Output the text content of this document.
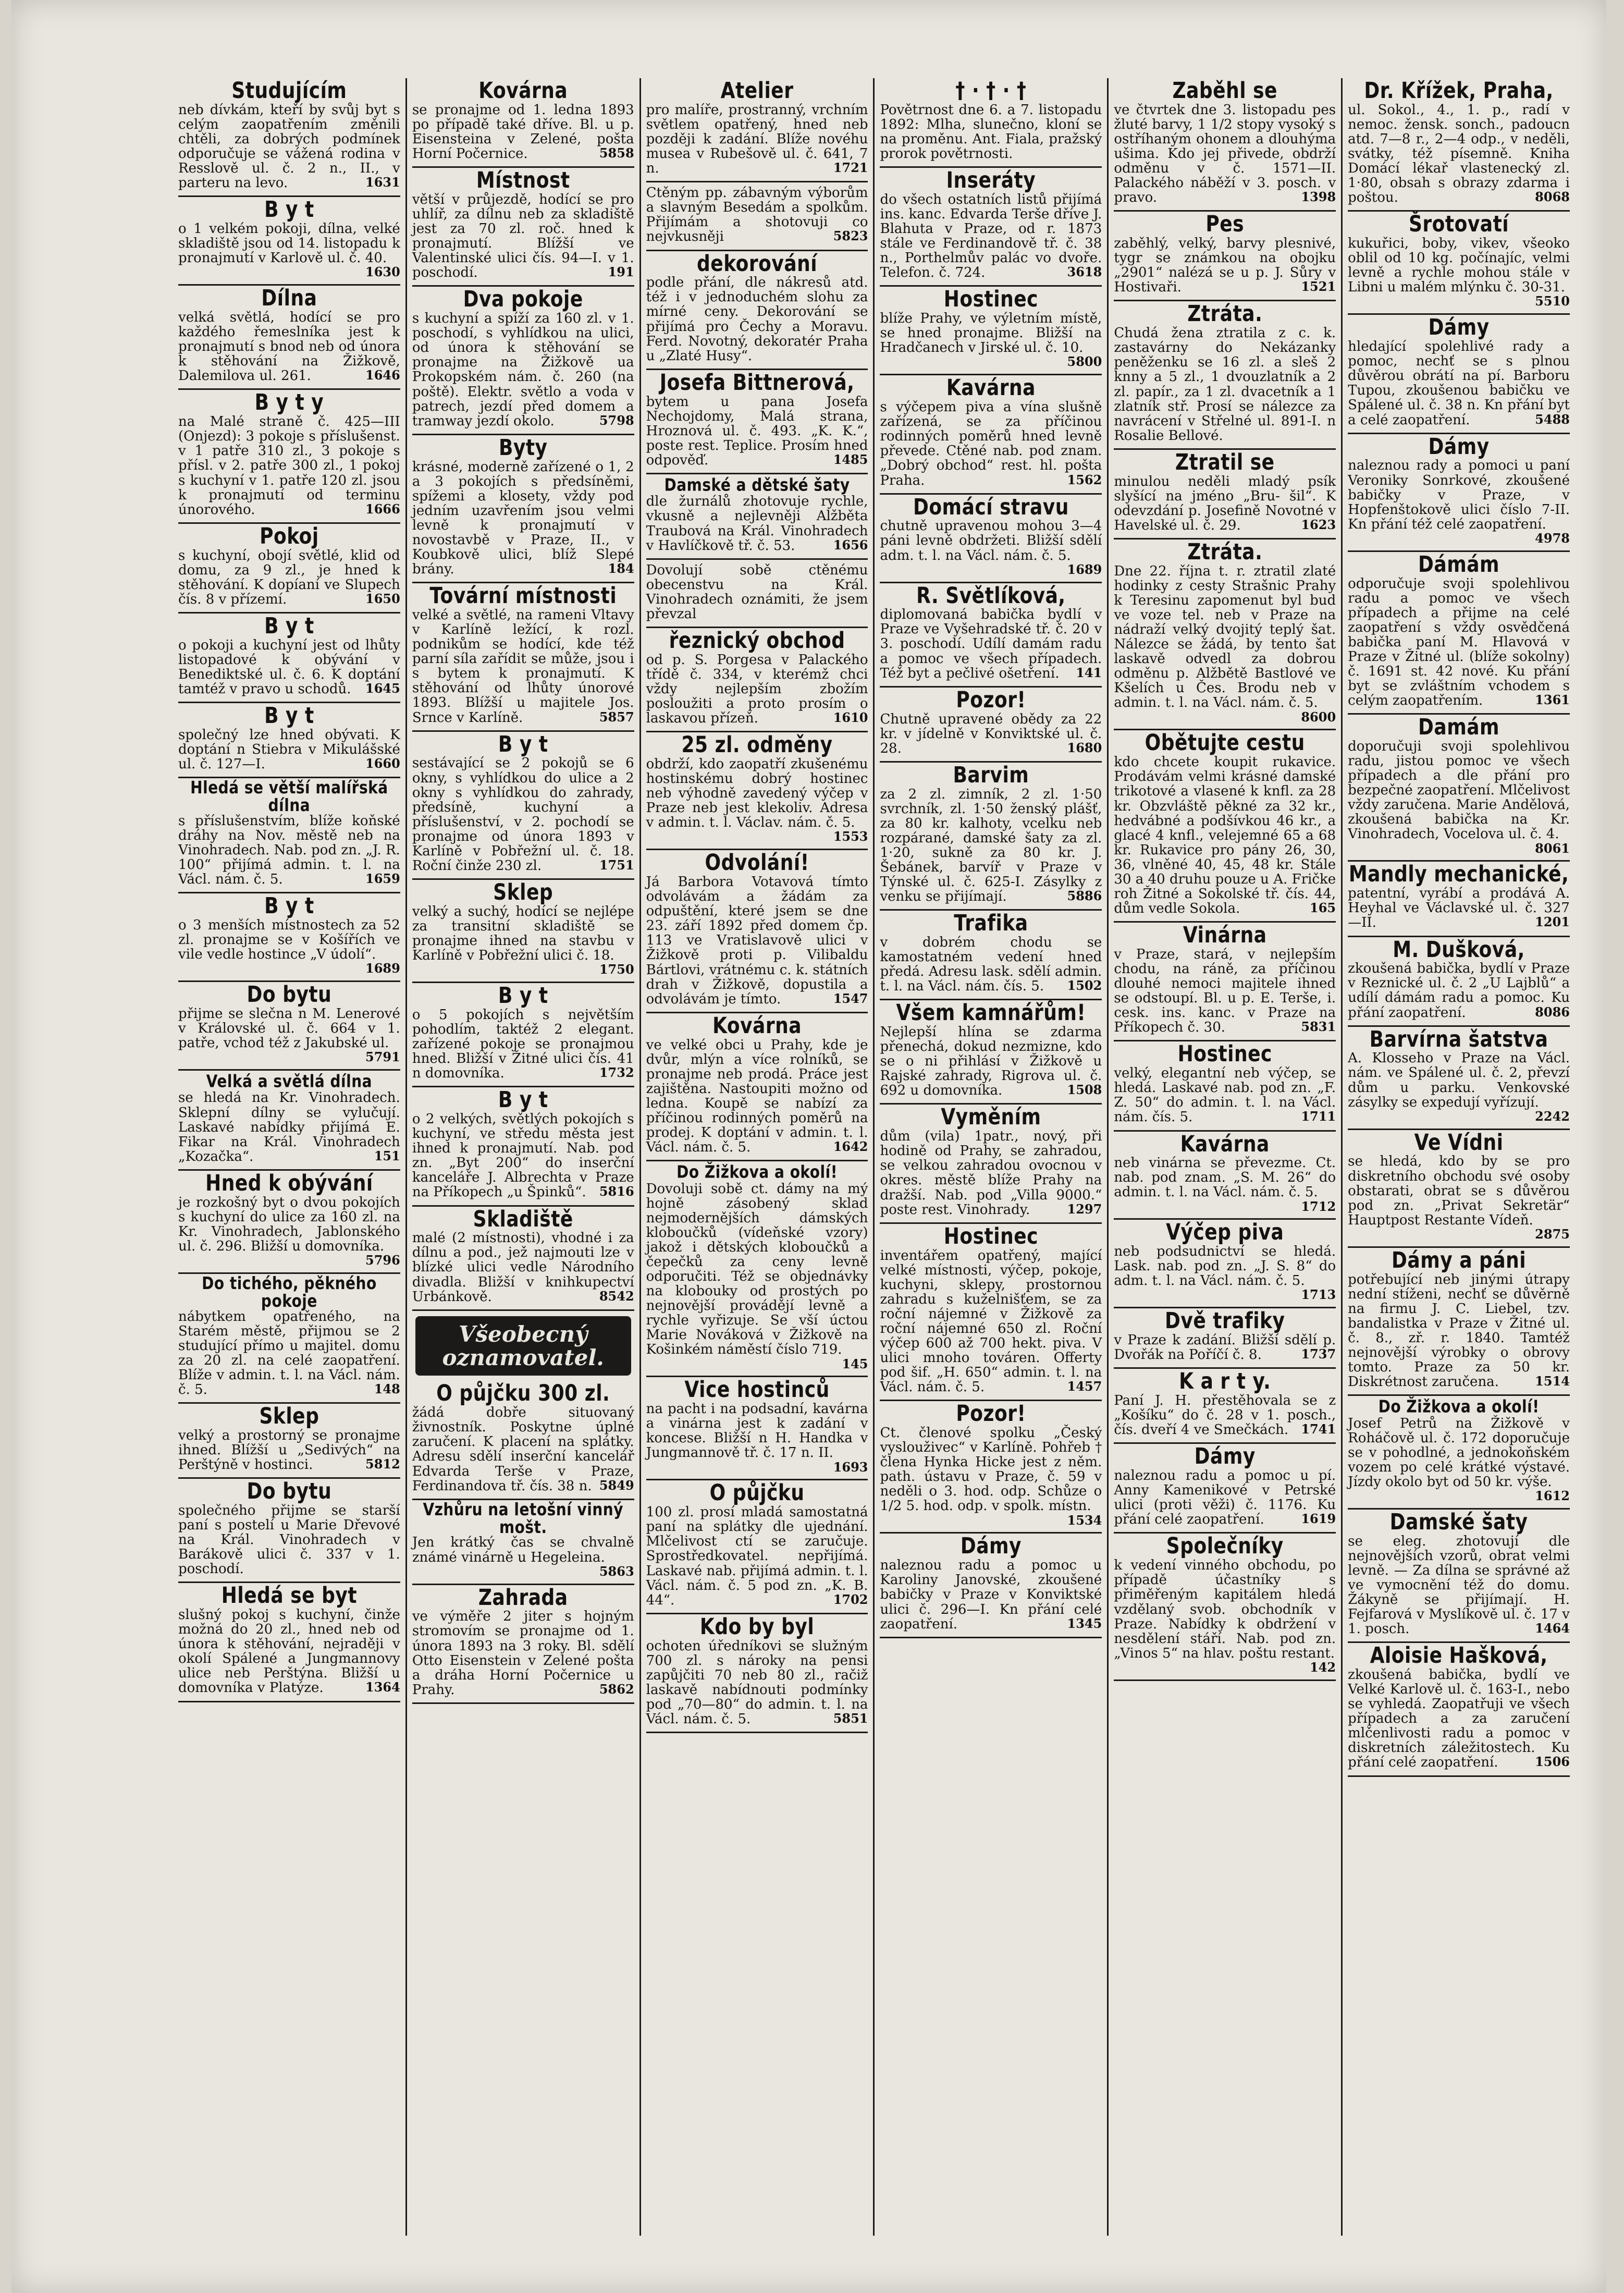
Studujícím

neb dívkám, kteří by svůj byt s celým zaopatřením změnili chtěli, za dobrých podmínek odporučuje se vážená rodina v Resslově ul. č. 2 n., II., v parteru na levo.	1631

B y t

o 1 velkém pokoji, dílna, velké skladiště jsou od 14. listopadu k pronajmutí v Karlově ul. č. 40.
1630

Dílna

velká světlá, hodící se pro každého řemeslníka jest k pronajmutí s bnod neb od února k stěhování na Žižkově, Dalemilova ul. 261.	1646

B y t y

na Malé straně č. 425—III (Onjezd): 3 pokoje s příslušenst. v 1 patře 310 zl., 3 pokoje s přísl. v 2. patře 300 zl., 1 pokoj s kuchyní v 1. patře 120 zl. jsou k pronajmutí od terminu únorového.	1666

Pokoj

s kuchyní, obojí světlé, klid od domu, za 9 zl., je hned k stěhování. K dopíaní ve Slupech čís. 8 v přízemí.	1650

B y t

o pokoji a kuchyní jest od lhůty listopadové k obývání v Benediktské ul. č. 6. K doptání tamtéž v pravo u schodů. 1645

B y t

společný lze hned obývati. K doptání n Stiebra v Mikulášské ul. č. 127—I.	1660

Hledá se větší malířská dílna

s příslušenstvím, blíže koňské dráhy na Nov. městě neb na Vinohradech. Nab. pod zn. „J. R. 100“ přijímá admin. t. l. na Václ. nám. č. 5.	1659

B y t

o 3 menších místnostech za 52 zl. pronajme se v Košířích ve vile vedle hostince „V údolí“.
1689

Do bytu

přijme se slečna n M. Lenerové v Královské ul. č. 664 v 1. patře, vchod též z Jakubské ul.
5791

Velká a světlá dílna

se hledá na Kr. Vinohradech. Sklepní dílny se vylučují. Laskavé nabídky přijímá E. Fikar na Král. Vinohradech „Kozačka“.	151

Hned k obývání

je rozkošný byt o dvou pokojích s kuchyní do ulice za 160 zl. na Kr. Vinohradech, Jablonského ul. č. 296. Bližší u domovníka.
5796

Do tichého, pěkného pokoje

nábytkem opatřeného, na Starém městě, přijmou se 2 studující přímo u majitel. domu za 20 zl. na celé zaopatření. Blíže v admin. t. l. na Václ. nám. č. 5.	148

Sklep

velký a prostorný se pronajme ihned. Blížší u „Sedivých“ na Perštýně v hostinci.	5812

Do bytu

společného přijme se starší paní s postelí u Marie Dřevové na Král. Vinohradech v Barákově ulici č. 337 v 1. poschodí.

Hledá se byt

slušný pokoj s kuchyní, činže možná do 20 zl., hned neb od února k stěhování, nejraději v okolí Spálené a Jungmannovy ulice neb Perštýna. Bližší u domovníka v Platýze.	1364

Kovárna

se pronajme od 1. ledna 1893 po případě také dříve. Bl. u p. Eisensteina v Zelené, pošta Horní Počernice.	5858

Místnost

větší v průjezdě, hodící se pro uhlíř, za dílnu neb za skladiště jest za 70 zl. roč. hned k pronajmutí. Blížší ve Valentinské ulici čís. 94—I. v 1. poschodí.	191

Dva pokoje

s kuchyní a spíží za 160 zl. v 1. poschodí, s vyhlídkou na ulici, od února k stěhování se pronajme na Žižkově ua Prokopském nám. č. 260 (na poště). Elektr. světlo a voda v patrech, jezdí před domem a tramway jezdí okolo.	5798

Byty

krásné, moderně zařízené o 1, 2 a 3 pokojích s předsíněmi, spížemi a klosety, vždy pod jedním uzavřením jsou velmi levně k pronajmutí v novostavbě v Praze, II., v Koubkově ulici, blíž Slepé brány.	184

Tovární místnosti

velké a světlé, na rameni Vltavy v Karlíně ležící, k rozl. podnikům se hodící, kde též parní síla zařídit se může, jsou i s bytem k pronajmutí. K stěhování od lhůty únorové 1893. Blížší u majitele Jos. Srnce v Karlíně.	5857

B y t

sestávající se 2 pokojů se 6 okny, s vyhlídkou do ulice a 2 okny s vyhlídkou do zahrady, předsíně, kuchyní a příslušenství, v 2. pochodí se pronajme od února 1893 v Karlíně v Pobřežní ul. č. 18. Roční činže 230 zl.	1751

Sklep

velký a suchý, hodící se nejlépe za transitní skladiště se pronajme ihned na stavbu v Karlíně v Pobřežní ulici č. 18.
1750

B y t

o 5 pokojích s největším pohodlím, taktéž 2 elegant. zařízené pokoje se pronajmou hned. Bližší v Žitné ulici čís. 41 n domovníka.	1732

B y t

o 2 velkých, světlých pokojích s kuchyní, ve středu města jest ihned k pronajmutí. Nab. pod zn. „Byt 200“ do inserční kanceláře J. Albrechta v Praze na Příkopech „u Špinků“. 5816

Skladiště

malé (2 místnosti), vhodné i za dílnu a pod., jež najmouti lze v blízké ulici vedle Národního divadla. Bližší v knihkupectví Urbánkově.	8542

Všeobecný oznamovatel.
O půjčku 300 zl.

žádá dobře situovaný živnostník. Poskytne úplné zaručení. K placení na splátky. Adresu sdělí inserční kancelář Edvarda Terše v Praze, Ferdinandova tř. čís. 38 n. 5849

Vzhůru na letošní vinný mošt.

Jen krátký čas se chvalně známé vinárně u Hegeleina.
5863

Zahrada

ve výměře 2 jiter s hojným stromovím se pronajme od 1. února 1893 na 3 roky. Bl. sdělí Otto Eisenstein v Zelené pošta a dráha Horní Počernice u Prahy.	5862

Atelier

pro malíře, prostranný, vrchním světlem opatřený, hned neb později k zadání. Blíže novéhu musea v Rubešově ul. č. 641, 7 n.	1721

Ctěným pp. zábavným výborům a slavným Besedám a spolkům. Přijímám a shotovuji co nejvkusněji	5823

dekorování

podle přání, dle nákresů atd. též i v jednoduchém slohu za mírné ceny. Dekorování se přijímá pro Čechy a Moravu. Ferd. Novotný, dekoratér Praha u „Zlaté Husy“.

Josefa Bittnerová,

bytem u pana Josefa Nechojdomy, Malá strana, Hroznová ul. č. 493. „K. K.“, poste rest. Teplice. Prosím hned odpověď.	1485

Damské a dětské šaty

dle žurnálů zhotovuje rychle, vkusně a nejlevněji Alžběta Traubová na Král. Vinohradech v Havlíčkově tř. č. 53.	1656

Dovolují sobě ctěnému obecenstvu na Král. Vinohradech oznámiti, že jsem převzal

řeznický obchod

od p. S. Porgesa v Palackého třídě č. 334, v kterémž chci vždy nejlepším zbožím posloužiti a proto prosím o laskavou přízeň.	1610

25 zl. odměny

obdrží, kdo zaopatří zkušenému hostinskému dobrý hostinec neb výhodně zavedený výčep v Praze neb jest klekoliv. Adresa v admin. t. l. Václav. nám. č. 5.
1553

Odvolání!

Já Barbora Votavová tímto odvolávám a žádám za odpuštění, které jsem se dne 23. září 1892 před domem čp. 113 ve Vratislavově ulici v Žižkově proti p. Vilibaldu Bártlovi, vrátnému c. k. státních drah v Žižkově, dopustila a odvolávám je tímto.	1547

Kovárna

ve velké obci u Prahy, kde je dvůr, mlýn a více rolníků, se pronajme neb prodá. Práce jest zajištěna. Nastoupiti možno od ledna. Koupě se nabízí za příčinou rodinných poměrů na prodej. K doptání v admin. t. l. Václ. nám. č. 5.	1642

Do Žižkova a okolí!

Dovoluji sobě ct. dámy na mý hojně zásobený sklad nejmodernějších dámských kloboučků (vídeňské vzory) jakož i dětských kloboučků a čepečků za ceny levně odporučiti. Též se objednávky na klobouky od prostých po nejnovější provádějí levně a rychle vyřizuje. Se vší úctou Marie Nováková v Žižkově na Košinkém náměstí číslo 719.
145

Vice hostinců

na pacht i na podsadní, kavárna a vinárna jest k zadání v koncese. Bližší n H. Handka v Jungmannově tř. č. 17 n. II.
1693

O půjčku

100 zl. prosí mladá samostatná paní na splátky dle ujednání. Mlčelivost ctí se zaručuje. Sprostředkovatel. nepřijímá. Laskavé nab. přijímá admin. t. l. Václ. nám. č. 5 pod zn. „K. B. 44“.	1702

Kdo by byl

ochoten úředníkovi se služným 700 zl. s nároky na pensi zapůjčiti 70 neb 80 zl., račiž laskavě nabídnouti podmínky pod „70—80“ do admin. t. l. na Václ. nám. č. 5.	5851

† · † · †

Povětrnost dne 6. a 7. listopadu 1892: Mlha, slunečno, kloní se na proměnu. Ant. Fiala, pražský prorok povětrnosti.

Inseráty

do všech ostatních listů přijímá ins. kanc. Edvarda Terše dříve J. Blahuta v Praze, od r. 1873 stále ve Ferdinandově tř. č. 38 n., Porthelmův palác vo dvoře. Telefon. č. 724.	3618

Hostinec

blíže Prahy, ve výletním místě, se hned pronajme. Bližší na Hradčanech v Jirské ul. č. 10.
5800

Kavárna

s výčepem piva a vína slušně zařízená, se za příčinou rodinných poměrů hned levně převede. Ctěné nab. pod znam. „Dobrý obchod“ rest. hl. pošta Praha.	1562

Domácí stravu

chutně upravenou mohou 3—4 páni levně obdržeti. Bližší sdělí adm. t. l. na Václ. nám. č. 5.
1689

R. Světlíková,

diplomovaná babička bydlí v Praze ve Vyšehradské tř. č. 20 v 3. poschodí. Udílí damám radu a pomoc ve všech případech. Též byt a pečlivé ošetření. 141

Pozor!

Chutně upravené obědy za 22 kr. v jídelně v Konviktské ul. č. 28.	1680

Barvim

za 2 zl. zimník, 2 zl. 1·50 svrchník, zl. 1·50 ženský plášť, za 80 kr. kalhoty, vcelku neb rozpárané, damské šaty za zl. 1·20, sukně za 80 kr. J. Šebánek, barvíř v Praze v Týnské ul. č. 625-I. Zásylky z venku se přijímají.	5886

Trafika

v dobrém chodu se kamostatném vedení hned předá. Adresu lask. sdělí admin. t. l. na Václ. nám. čís. 5. 1502

Všem kamnářům!

Nejlepší hlína se zdarma přenechá, dokud nezmizne, kdo se o ni přihlásí v Žižkově u Rajské zahrady, Rigrova ul. č. 692 u domovníka.	1508

Vyměním

dům (vila) 1patr., nový, při hodině od Prahy, se zahradou, se velkou zahradou ovocnou v okres. městě blíže Prahy na dražší. Nab. pod „Villa 9000.“ poste rest. Vinohrady.	1297

Hostinec

inventářem opatřený, mající velké místnosti, výčep, pokoje, kuchyni, sklepy, prostornou zahradu s kuželnišťem, se za roční nájemné v Žižkově za roční nájemné 650 zl. Roční výčep 600 až 700 hekt. piva. V ulici mnoho továren. Offerty pod šif. „H. 650“ admin. t. l. na Václ. nám. č. 5.	1457

Pozor!

Ct. členové spolku „Český vyslouživec“ v Karlíně. Pohřeb † člena Hynka Hicke jest z něm. path. ústavu v Praze, č. 59 v neděli o 3. hod. odp. Schůze o 1/2 5. hod. odp. v spolk. místn.
1534

Dámy

naleznou radu a pomoc u Karoliny Janovské, zkoušené babičky v Praze v Konviktské ulici č. 296—I. Kn přání celé zaopatření.	1345

Zaběhl se

ve čtvrtek dne 3. listopadu pes žluté barvy, 1 1/2 stopy vysoký s ostříhaným ohonem a dlouhýma ušima. Kdo jej přivede, obdrží odměnu v č. 1571—II. Palackého náběží v 3. posch. v pravo.	1398

Pes

zaběhlý, velký, barvy plesnivé, tygr se známkou na obojku „2901“ nalézá se u p. J. Sůry v Hostivaři.	1521

Ztráta.

Chudá žena ztratila z c. k. zastavárny do Nekázanky peněženku se 16 zl. a sleš 2 knny a 5 zl., 1 dvouzlatník a 2 zl. papír., za 1 zl. dvacetník a 1 zlatník stř. Prosí se nálezce za navrácení v Střelné ul. 891-I. n Rosalie Bellové.

Ztratil se

minulou neděli mladý psík slyšící na jméno „Bru- šil“. K odevzdání p. Josefině Novotné v Havelské ul. č. 29.	1623

Ztráta.

Dne 22. října t. r. ztratil zlaté hodinky z cesty Strašnic Prahy k Teresinu zapomenut byl bud ve voze tel. neb v Praze na nádraží velký dvojitý teplý šat. Nálezce se žádá, by tento šat laskavě odvedl za dobrou odměnu p. Alžbětě Bastlové ve Kšelích u Čes. Brodu neb v admin. t. l. na Václ. nám. č. 5.
8600

Obětujte cestu

kdo chcete koupit rukavice. Prodávám velmi krásné damské trikotové a vlasené k knfl. za 28 kr. Obzvláště pěkné za 32 kr., hedvábné a podšívkou 46 kr., a glacé 4 knfl., velejemné 65 a 68 kr. Rukavice pro pány 26, 30, 36, vlněné 40, 45, 48 kr. Stále 30 a 40 druhu pouze u A. Fričke roh Žitné a Sokolské tř. čís. 44, dům vedle Sokola.	165

Vinárna

v Praze, stará, v nejlepším chodu, na ráně, za příčinou dlouhé nemoci majitele ihned se odstoupí. Bl. u p. E. Terše, i. cesk. ins. kanc. v Praze na Příkopech č. 30.	5831

Hostinec

velký, elegantní neb výčep, se hledá. Laskavé nab. pod zn. „F. Z. 50“ do admin. t. l. na Václ. nám. čís. 5.	1711

Kavárna

neb vinárna se převezme. Ct. nab. pod znam. „S. M. 26“ do admin. t. l. na Václ. nám. č. 5.
1712

Výčep piva

neb podsudnictví se hledá. Lask. nab. pod zn. „J. S. 8“ do adm. t. l. na Václ. nám. č. 5.
1713

Dvě trafiky

v Praze k zadání. Bližší sdělí p. Dvořák na Poříčí č. 8.	1737

K a r t y.

Paní J. H. přestěhovala se z „Košíku“ do č. 28 v 1. posch., čís. dveří 4 ve Smečkách. 1741

Dámy

naleznou radu a pomoc u pí. Anny Kamenikové v Petrské ulici (proti věži) č. 1176. Ku přání celé zaopatření.	1619

Společníky

k vedení vinného obchodu, po případě účastníky s přiměřeným kapitálem hledá vzdělaný svob. obchodník v Praze. Nabídky k obdržení v nesdělení stáří. Nab. pod zn. „Vinos 5“ na hlav. poštu restant.
142

Dr. Křížek, Praha,

ul. Sokol., 4., 1. p., radí v nemoc. žensk. sonch., padoucn atd. 7—8 r., 2—4 odp., v neděli, svátky, též písemně. Kniha Domácí lékař vlastenecký zl. 1·80, obsah s obrazy zdarma i poštou.	8068

Šrotovatí

kukuřici, boby, vikev, všeoko oblil od 10 kg. počínajíc, velmi levně a rychle mohou stále v Libni u malém mlýnku č. 30-31.
5510

Dámy

hledající spolehlivé rady a pomoc, nechť se s plnou důvěrou obrátí na pí. Barboru Tupou, zkoušenou babičku ve Spálené ul. č. 38 n. Kn přání byt a celé zaopatření.	5488

Dámy

naleznou rady a pomoci u paní Veroniky Sonrkové, zkoušené babičky v Praze, v Hopfenštokově ulici číslo 7-II. Kn přání též celé zaopatření.
4978

Dámám

odporučuje svoji spolehlivou radu a pomoc ve všech případech a přijme na celé zaopatření s vždy osvědčená babička paní M. Hlavová v Praze v Žitné ul. (blíže sokolny) č. 1691 st. 42 nové. Ku přání byt se zvláštním vchodem s celým zaopatřením.	1361

Damám

doporučuji svoji spolehlivou radu, jistou pomoc ve všech případech a dle přání pro bezpečné zaopatření. Mlčelivost vždy zaručena. Marie Andělová, zkoušená babička na Kr. Vinohradech, Vocelova ul. č. 4.
8061

Mandly mechanické,

patentní, vyrábí a prodává A. Heyhal ve Václavské ul. č. 327—II.	1201

M. Dušková,

zkoušená babička, bydlí v Praze v Reznické ul. č. 2 „U Lajblů“ a udílí dámám radu a pomoc. Ku přání zaopatření.	8086

Barvírna šatstva

A. Klosseho v Praze na Václ. nám. ve Spálené ul. č. 2, převzí dům u parku. Venkovské zásylky se expedují vyřízují.
2242

Ve Vídni

se hledá, kdo by se pro diskretního obchodu své osoby obstarati, obrat se s důvěrou pod zn. „Privat Sekretär“ Hauptpost Restante Vídeň.
2875

Dámy a páni

potřebující neb jinými útrapy nední stíženi, nechť se důvěrně na firmu J. C. Liebel, tzv. bandalistka v Praze v Žitné ul. č. 8., zř. r. 1840. Tamtéž nejnovější výrobky o obrovy tomto. Praze za 50 kr. Diskrétnost zaručena.	1514

Do Žižkova a okolí!

Josef Petrů na Žižkově v Roháčově ul. č. 172 doporučuje se v pohodlné, a jednokoňském vozem po celé krátké výstavé. Jízdy okolo byt od 50 kr. výše.
1612

Damské šaty

se eleg. zhotovují dle nejnovějších vzorů, obrat velmi levně. — Za dílna se správné až ve vymocnění též do domu. Žákyně se přijímají. H. Fejfarová v Myslíkově ul. č. 17 v 1. posch.	1464

Aloisie Hašková,

zkoušená babička, bydlí ve Velké Karlově ul. č. 163-I., nebo se vyhledá. Zaopatřuji ve všech případech a za zaručení mlčenlivosti radu a pomoc v diskretních záležitostech. Ku přání celé zaopatření.	1506
